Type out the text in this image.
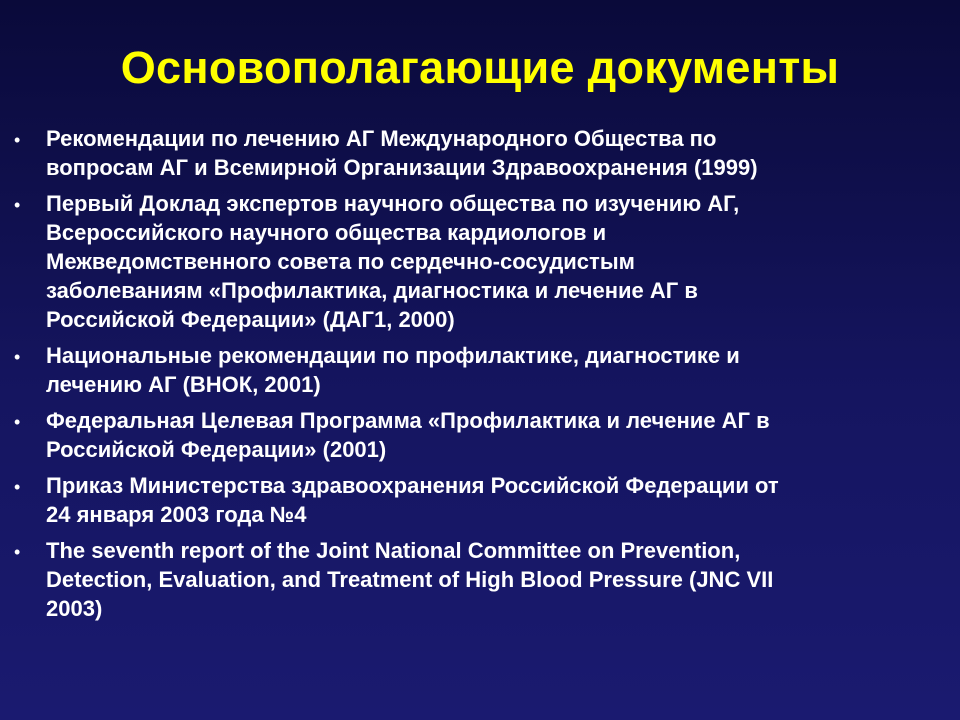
Основополагающие документы
•	Рекомендации по лечению АГ Международного Общества по
вопросам АГ и Всемирной Организации Здравоохранения (1999)
•	Первый Доклад экспертов научного общества по изучению АГ,
Всероссийского научного общества кардиологов и
Межведомственного совета по сердечно-сосудистым
заболеваниям «Профилактика, диагностика и лечение АГ в
Российской Федерации» (ДАГ1, 2000)
•	Национальные рекомендации по профилактике, диагностике и
лечению АГ (ВНОК, 2001)
•	Федеральная Целевая Программа «Профилактика и лечение АГ в
Российской Федерации» (2001)
•	Приказ Министерства здравоохранения Российской Федерации от
24 января 2003 года №4
•	The seventh report of the Joint National Committee on Prevention,
Detection, Evaluation, and Treatment of High Blood Pressure (JNC VII
2003)
